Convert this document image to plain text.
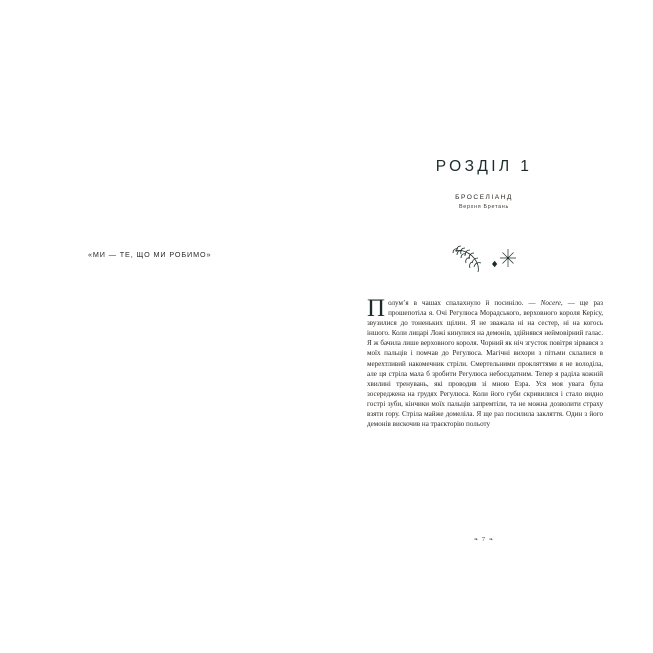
«МИ — ТЕ, ЩО МИ РОБИМО»
РОЗДІЛ 1
БРОСЕЛІАНД
Верхня Бретань

П олум’я в чашах спалахнуло й посиніло. — Nocere, — ще раз прошепотіла я. Очі Регулюса Морадського, верховного короля Керісу, звузилися до тоненьких щілин. Я не зважала ні на сестер, ні на когось іншого. Коли лицарі Ложі кинулися на демонів, здійнявся неймовірний галас. Я ж бачила лише верховного короля. Чорний як ніч згусток повітря зірвався з моїх пальців і помчав до Регулюса. Магічні вихори з пітьми склалися в мерехтливий накомечник стріли. Смертельними прокляттями я не володіла, але ця стріла мала б зробити Регулюса небоєздатним. Тепер я раділа кожній хвилині тренувань, які проводив зі мною Езра. Уся моя увага була зосереджена на грудях Регулюса. Коли його губи скривилися і стало видно гострі зуби, кінчики моїх пальців запремтіли, та не можна дозволити страху взяти гору. Стріла майже домеліла. Я ще раз посилила закляття. Один з його демонів вискочив на траєкторію польоту

❧ 7 ❧
